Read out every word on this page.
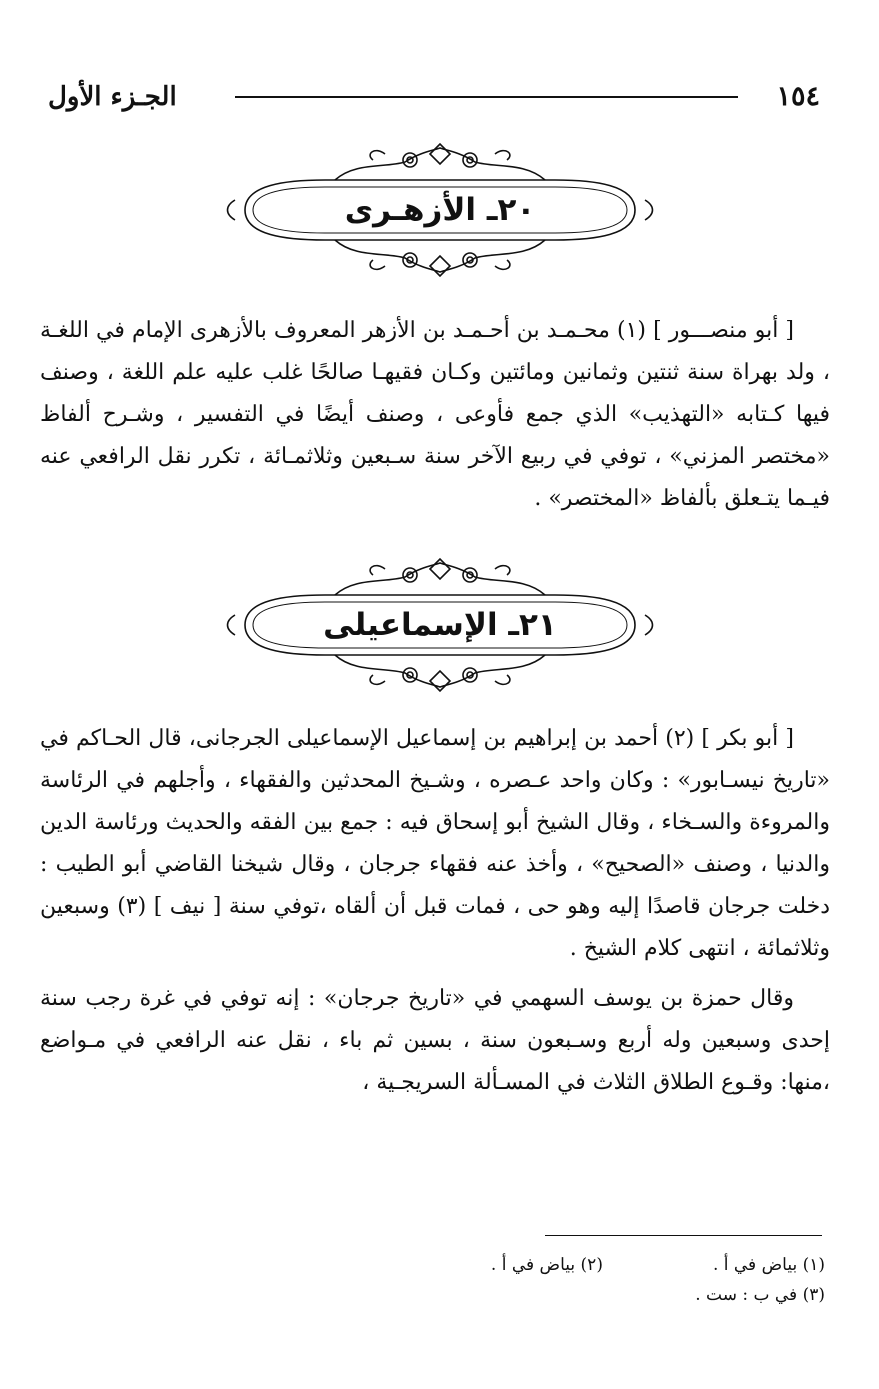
١٥٤
الجـزء الأول
٢٠ـ الأزهـرى

[ أبو منصـــور ] (١) محـمـد بن أحـمـد بن الأزهر المعروف بالأزهرى الإمام في اللغـة ، ولد بهراة سنة ثنتين وثمانين ومائتين وكـان فقيهـا صالحًا غلب عليه علم اللغة ، وصنف فيها كـتابه «التهذيب» الذي جمع فأوعى ، وصنف أيضًا في التفسير ، وشـرح ألفاظ «مختصر المزني» ، توفي في ربيع الآخر سنة سـبعين وثلاثمـائة ، تكرر نقل الرافعي عنه فيـما يتـعلق بألفاظ «المختصر» .

٢١ـ الإسماعيلى

[ أبو بكر ] (٢) أحمد بن إبراهيم بن إسماعيل الإسماعيلى الجرجانى، قال الحـاكم في «تاريخ نيسـابور» : وكان واحد عـصره ، وشـيخ المحدثين والفقهاء ، وأجلهم في الرئاسة والمروءة والسـخاء ، وقال الشيخ أبو إسحاق فيه : جمع بين الفقه والحديث ورئاسة الدين والدنيا ، وصنف «الصحيح» ، وأخذ عنه فقهاء جرجان ، وقال شيخنا القاضي أبو الطيب : دخلت جرجان قاصدًا إليه وهو حى ، فمات قبل أن ألقاه ،توفي سنة [ نيف ] (٣) وسبعين وثلاثمائة ، انتهى كلام الشيخ .

وقال حمزة بن يوسف السهمي في «تاريخ جرجان» : إنه توفي في غرة رجب سنة إحدى وسبعين وله أربع وسـبعون سنة ، بسين ثم باء ، نقل عنه الرافعي في مـواضع ،منها: وقـوع الطلاق الثلاث في المسـألة السريجـية ،

(١) بياض في أ .
(٢) بياض في أ .
(٣) في ب : ست .
